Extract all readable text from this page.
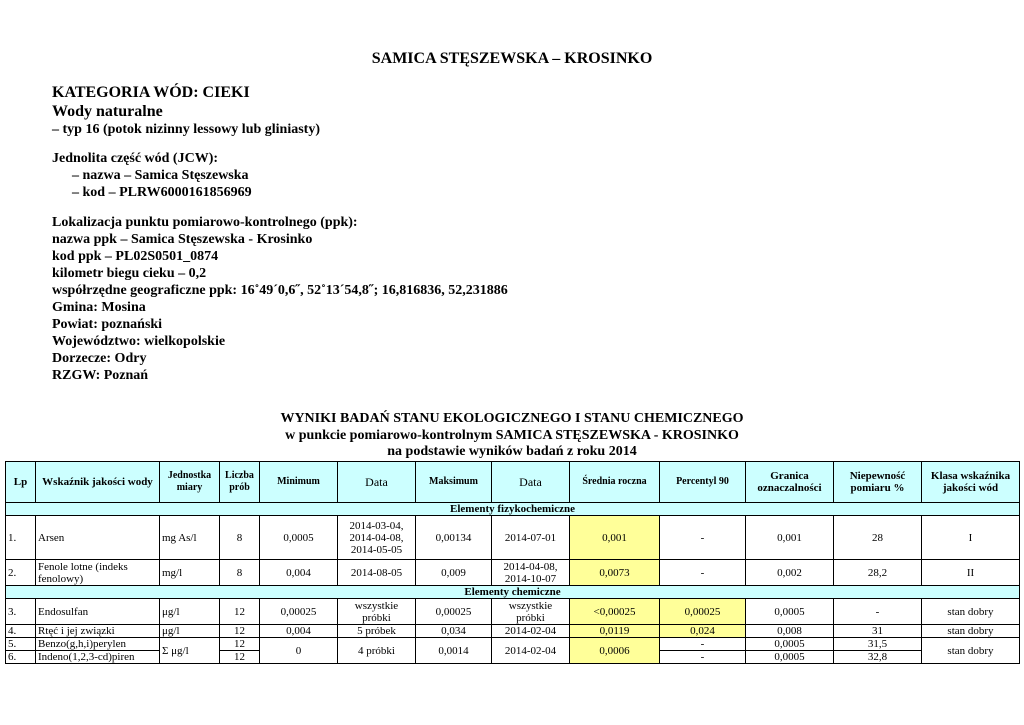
SAMICA STĘSZEWSKA – KROSINKO
KATEGORIA WÓD: CIEKI
Wody naturalne
– typ 16 (potok nizinny lessowy lub gliniasty)
Jednolita część wód (JCW):
– nazwa – Samica Stęszewska
– kod – PLRW6000161856969
Lokalizacja punktu pomiarowo-kontrolnego (ppk):
nazwa ppk – Samica Stęszewska - Krosinko
kod ppk – PL02S0501_0874
kilometr biegu cieku – 0,2
współrzędne geograficzne ppk: 16˚49´0,6˝, 52˚13´54,8˝; 16,816836, 52,231886
Gmina: Mosina
Powiat: poznański
Województwo: wielkopolskie
Dorzecze: Odry
RZGW: Poznań
WYNIKI BADAŃ STANU EKOLOGICZNEGO I STANU CHEMICZNEGO
w punkcie pomiarowo-kontrolnym SAMICA STĘSZEWSKA - KROSINKO
na podstawie wyników badań z roku 2014
Lp	Wskaźnik jakości wody	Jednostka miary	Liczba prób	Minimum	Data	Maksimum	Data	Średnia roczna	Percentyl 90	Granica oznaczalności	Niepewność pomiaru %	Klasa wskaźnika jakości wód
Elementy fizykochemiczne												
1.	Arsen	mg As/l	8	0,0005	2014-03-04, 2014-04-08, 2014-05-05	0,00134	2014-07-01	0,001	-	0,001	28	I
2.	Fenole lotne (indeks fenolowy)	mg/l	8	0,004	2014-08-05	0,009	2014-04-08, 2014-10-07	0,0073	-	0,002	28,2	II
Elementy chemiczne												
3.	Endosulfan	μg/l	12	0,00025	wszystkie próbki	0,00025	wszystkie próbki	<0,00025	0,00025	0,0005	-	stan dobry
4.	Rtęć i jej związki	μg/l	12	0,004	5 próbek	0,034	2014-02-04	0,0119	0,024	0,008	31	stan dobry
5.	Benzo(g,h,i)perylen	Σ μg/l	12	0	4 próbki	0,0014	2014-02-04	0,0006	-	0,0005	31,5	stan dobry
6.	Indeno(1,2,3-cd)piren		12						-	0,0005	32,8	
